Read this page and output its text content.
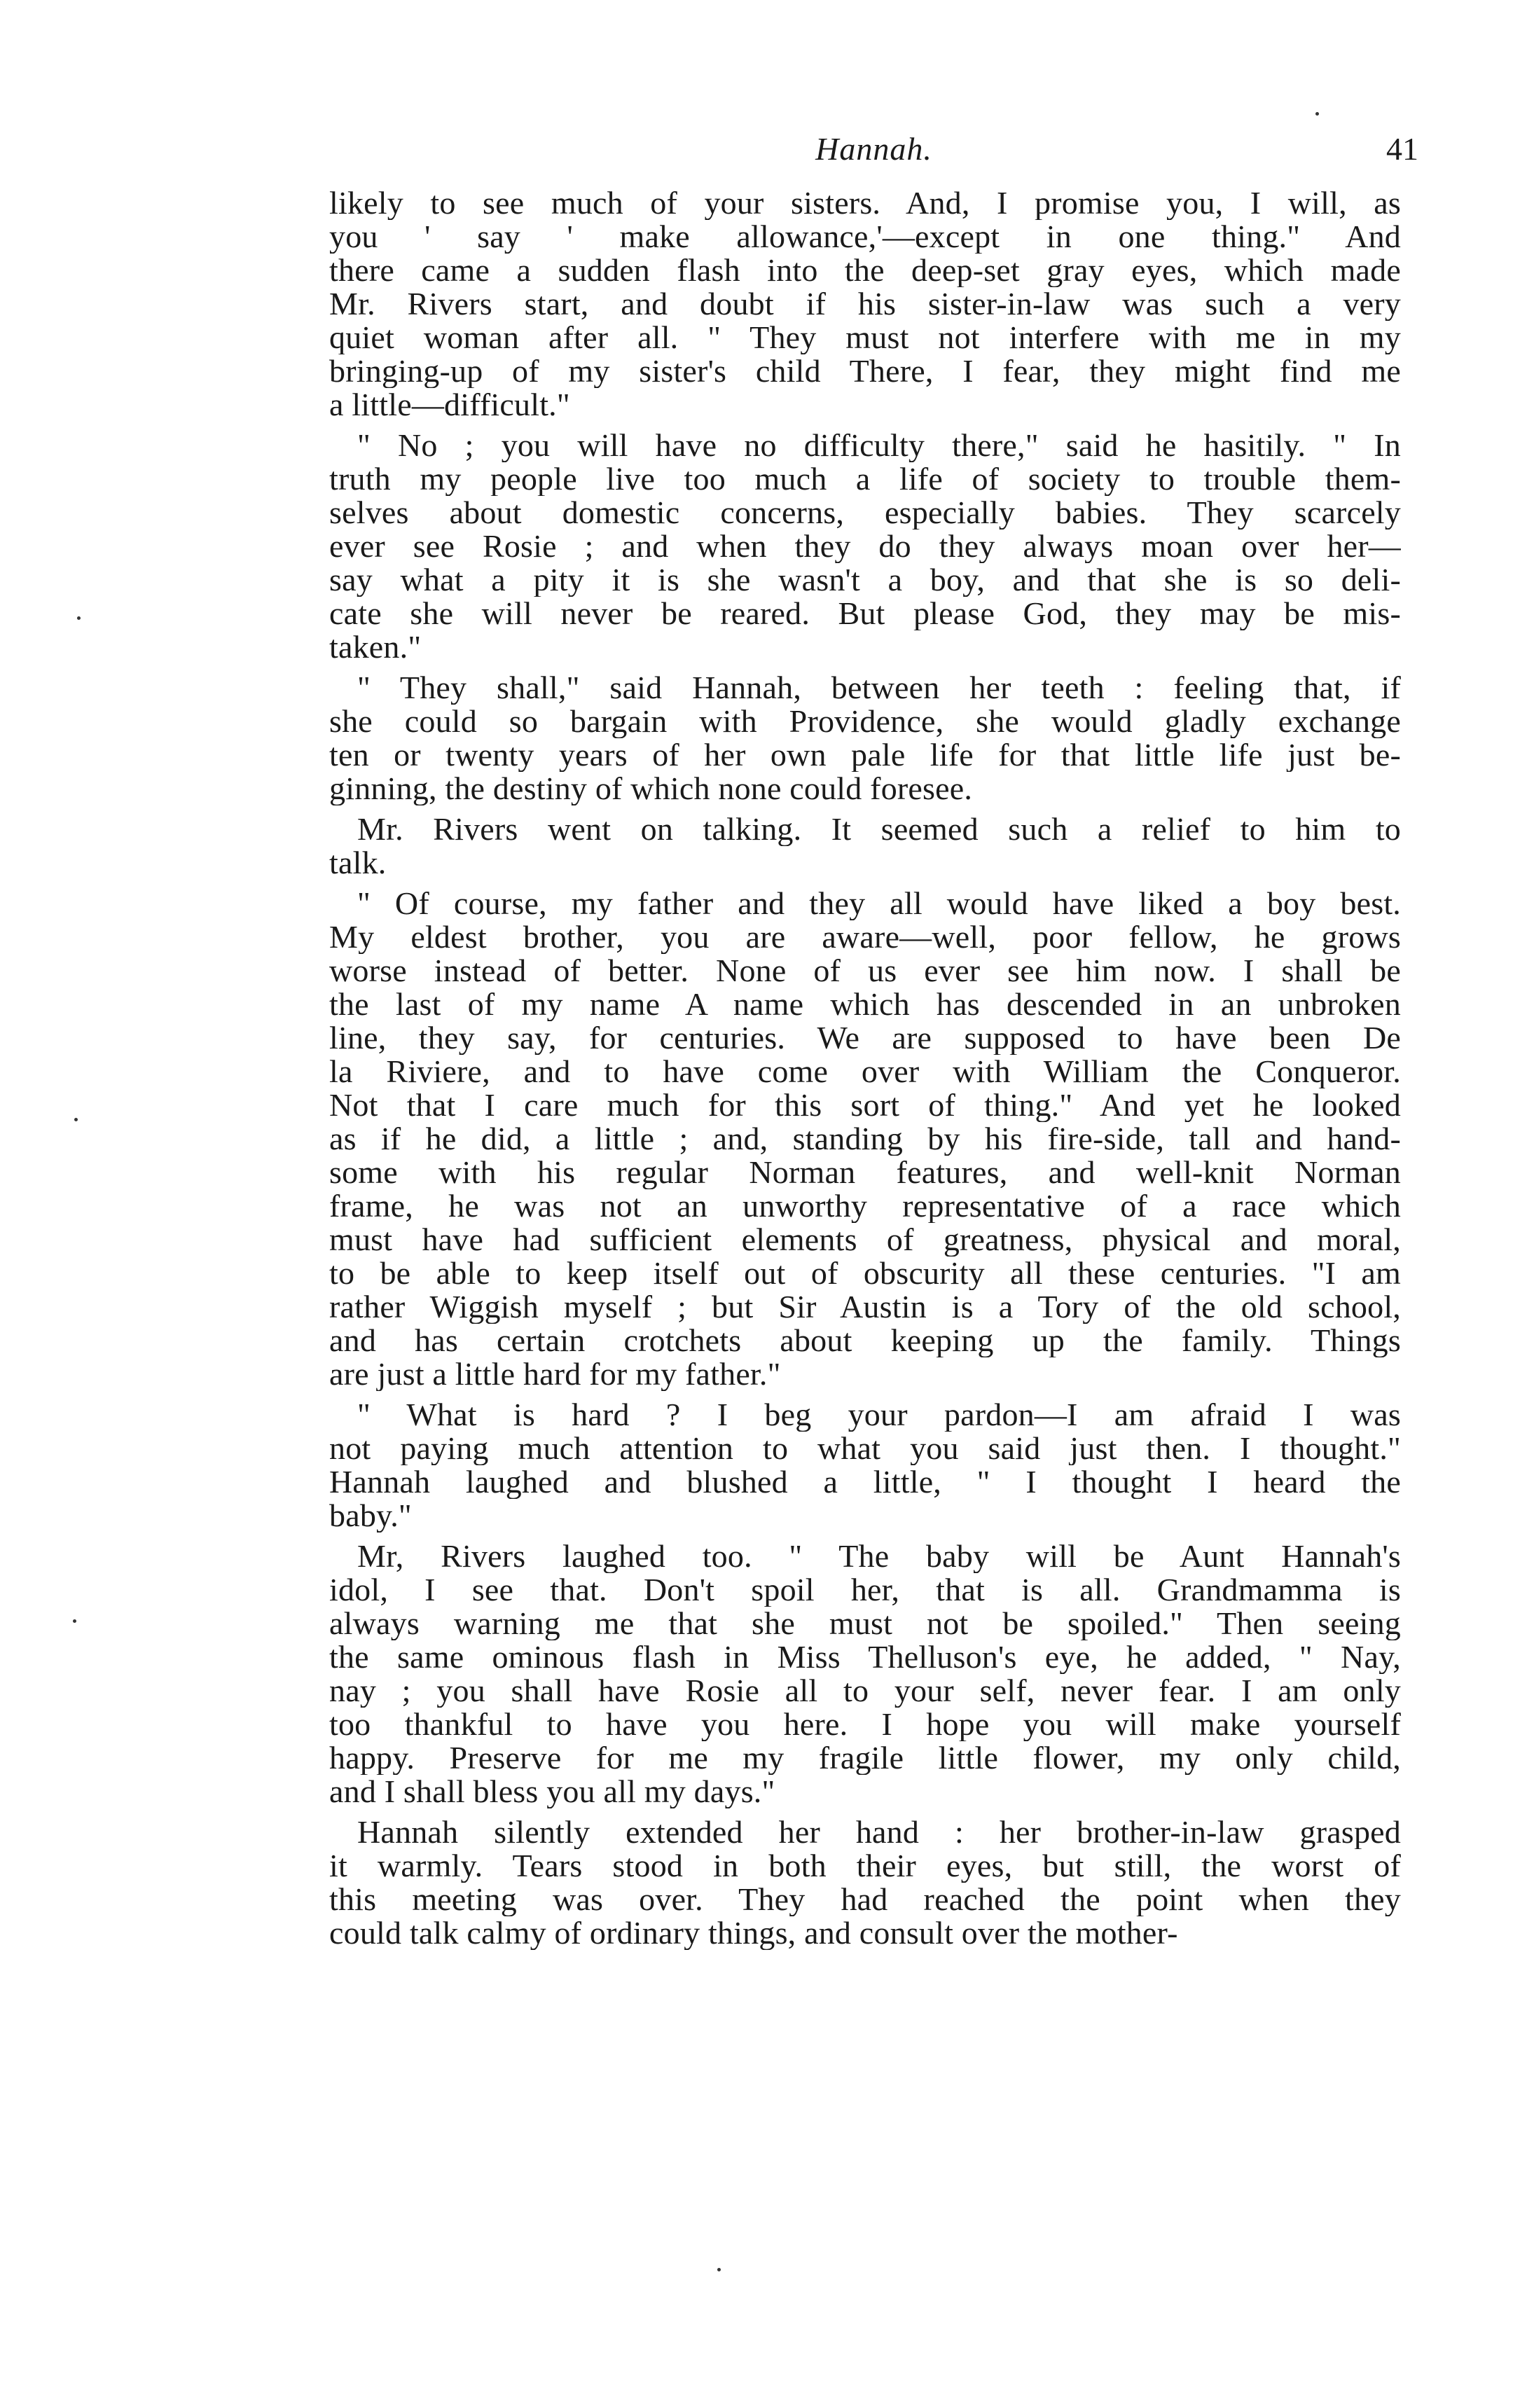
Hannah.	41
likely to see much of your sisters. And, I promise you, I will, as
you ' say ' make allowance,'—except in one thing." And
there came a sudden flash into the deep-set gray eyes, which made
Mr. Rivers start, and doubt if his sister-in-law was such a very
quiet woman after all. " They must not interfere with me in my
bringing-up of my sister's child There, I fear, they might find me
a little—difficult."
" No ; you will have no difficulty there," said he hasitily. " In
truth my people live too much a life of society to trouble them-
selves about domestic concerns, especially babies. They scarcely
ever see Rosie ; and when they do they always moan over her—
say what a pity it is she wasn't a boy, and that she is so deli-
cate she will never be reared. But please God, they may be mis-
taken."
" They shall," said Hannah, between her teeth : feeling that, if
she could so bargain with Providence, she would gladly exchange
ten or twenty years of her own pale life for that little life just be-
ginning, the destiny of which none could foresee.
Mr. Rivers went on talking. It seemed such a relief to him to
talk.
" Of course, my father and they all would have liked a boy best.
My eldest brother, you are aware—well, poor fellow, he grows
worse instead of better. None of us ever see him now. I shall be
the last of my name A name which has descended in an unbroken
line, they say, for centuries. We are supposed to have been De
la Riviere, and to have come over with William the Conqueror.
Not that I care much for this sort of thing." And yet he looked
as if he did, a little ; and, standing by his fire-side, tall and hand-
some with his regular Norman features, and well-knit Norman
frame, he was not an unworthy representative of a race which
must have had sufficient elements of greatness, physical and moral,
to be able to keep itself out of obscurity all these centuries. "I am
rather Wiggish myself ; but Sir Austin is a Tory of the old school,
and has certain crotchets about keeping up the family. Things
are just a little hard for my father."
" What is hard ? I beg your pardon—I am afraid I was
not paying much attention to what you said just then. I thought."
Hannah laughed and blushed a little, " I thought I heard the
baby."
Mr, Rivers laughed too. " The baby will be Aunt Hannah's
idol, I see that. Don't spoil her, that is all. Grandmamma is
always warning me that she must not be spoiled." Then seeing
the same ominous flash in Miss Thelluson's eye, he added, " Nay,
nay ; you shall have Rosie all to your self, never fear. I am only
too thankful to have you here. I hope you will make yourself
happy. Preserve for me my fragile little flower, my only child,
and I shall bless you all my days."
Hannah silently extended her hand : her brother-in-law grasped
it warmly. Tears stood in both their eyes, but still, the worst of
this meeting was over. They had reached the point when they
could talk calmy of ordinary things, and consult over the mother-
